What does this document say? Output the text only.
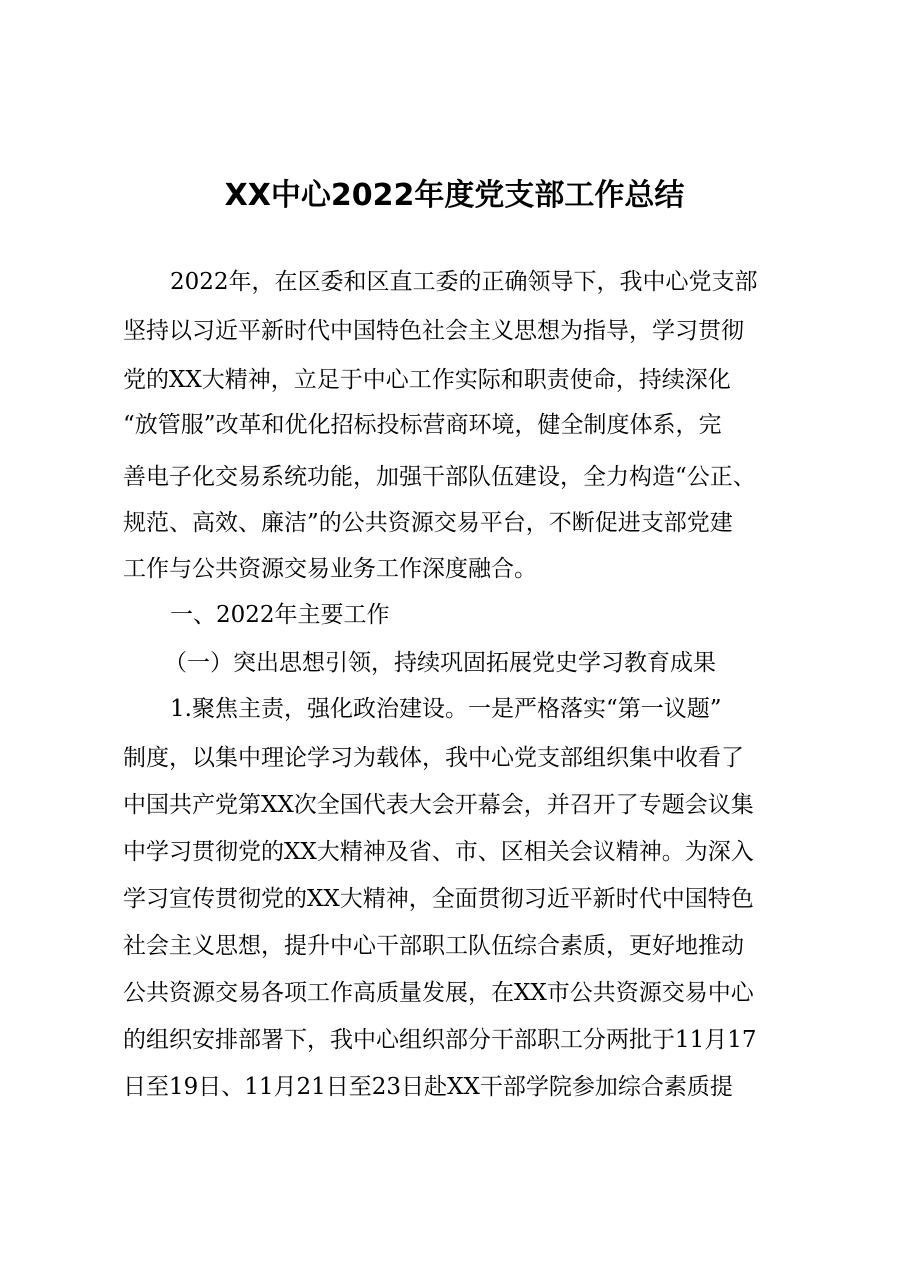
XX中心2022年度党支部工作总结

2022年，在区委和区直工委的正确领导下，我中心党支部

坚持以习近平新时代中国特色社会主义思想为指导，学习贯彻

党的XX大精神，立足于中心工作实际和职责使命，持续深化

“放管服”改革和优化招标投标营商环境，健全制度体系，完

善电子化交易系统功能，加强干部队伍建设，全力构造“公正、

规范、高效、廉洁”的公共资源交易平台，不断促进支部党建

工作与公共资源交易业务工作深度融合。

一、2022年主要工作

（一）突出思想引领，持续巩固拓展党史学习教育成果

1.聚焦主责，强化政治建设。一是严格落实“第一议题”

制度，以集中理论学习为载体，我中心党支部组织集中收看了

中国共产党第XX次全国代表大会开幕会，并召开了专题会议集

中学习贯彻党的XX大精神及省、市、区相关会议精神。为深入

学习宣传贯彻党的XX大精神，全面贯彻习近平新时代中国特色

社会主义思想，提升中心干部职工队伍综合素质，更好地推动

公共资源交易各项工作高质量发展，在XX市公共资源交易中心

的组织安排部署下，我中心组织部分干部职工分两批于11月17

日至19日、11月21日至23日赴XX干部学院参加综合素质提
